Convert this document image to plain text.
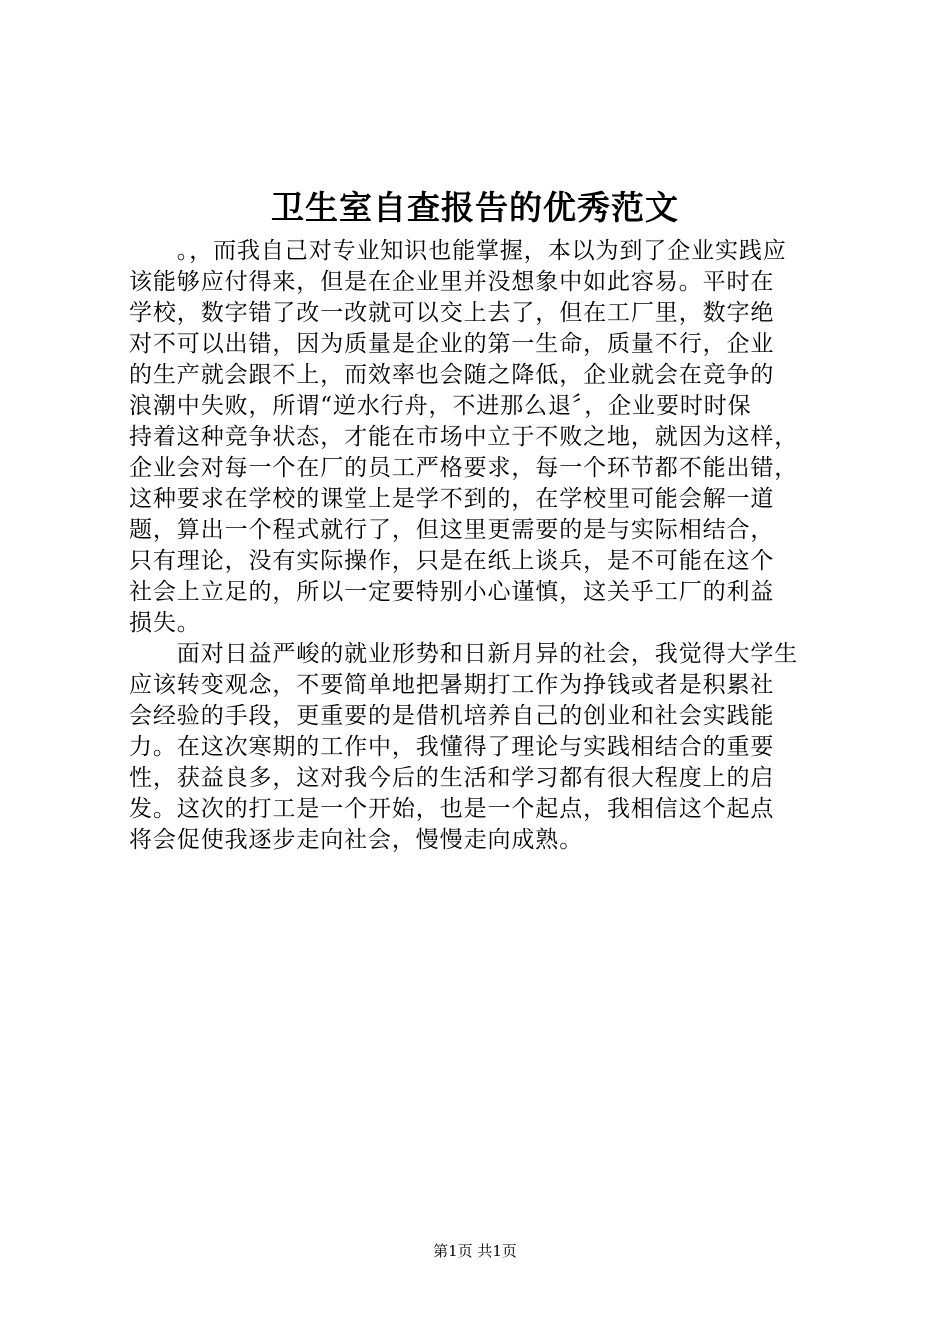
卫生室自查报告的优秀范文
　　。，而我自己对专业知识也能掌握，本以为到了企业实践应
该能够应付得来，但是在企业里并没想象中如此容易。平时在
学校，数字错了改一改就可以交上去了，但在工厂里，数字绝
对不可以出错，因为质量是企业的第一生命，质量不行，企业
的生产就会跟不上，而效率也会随之降低，企业就会在竞争的
浪潮中失败，所谓“逆水行舟，不进那么退〞，企业要时时保
持着这种竞争状态，才能在市场中立于不败之地，就因为这样，
企业会对每一个在厂的员工严格要求，每一个环节都不能出错，
这种要求在学校的课堂上是学不到的，在学校里可能会解一道
题，算出一个程式就行了，但这里更需要的是与实际相结合，
只有理论，没有实际操作，只是在纸上谈兵，是不可能在这个
社会上立足的，所以一定要特别小心谨慎，这关乎工厂的利益
损失。
　　面对日益严峻的就业形势和日新月异的社会，我觉得大学生
应该转变观念，不要简单地把暑期打工作为挣钱或者是积累社
会经验的手段，更重要的是借机培养自己的创业和社会实践能
力。在这次寒期的工作中，我懂得了理论与实践相结合的重要
性，获益良多，这对我今后的生活和学习都有很大程度上的启
发。这次的打工是一个开始，也是一个起点，我相信这个起点
将会促使我逐步走向社会，慢慢走向成熟。
第1页 共1页
